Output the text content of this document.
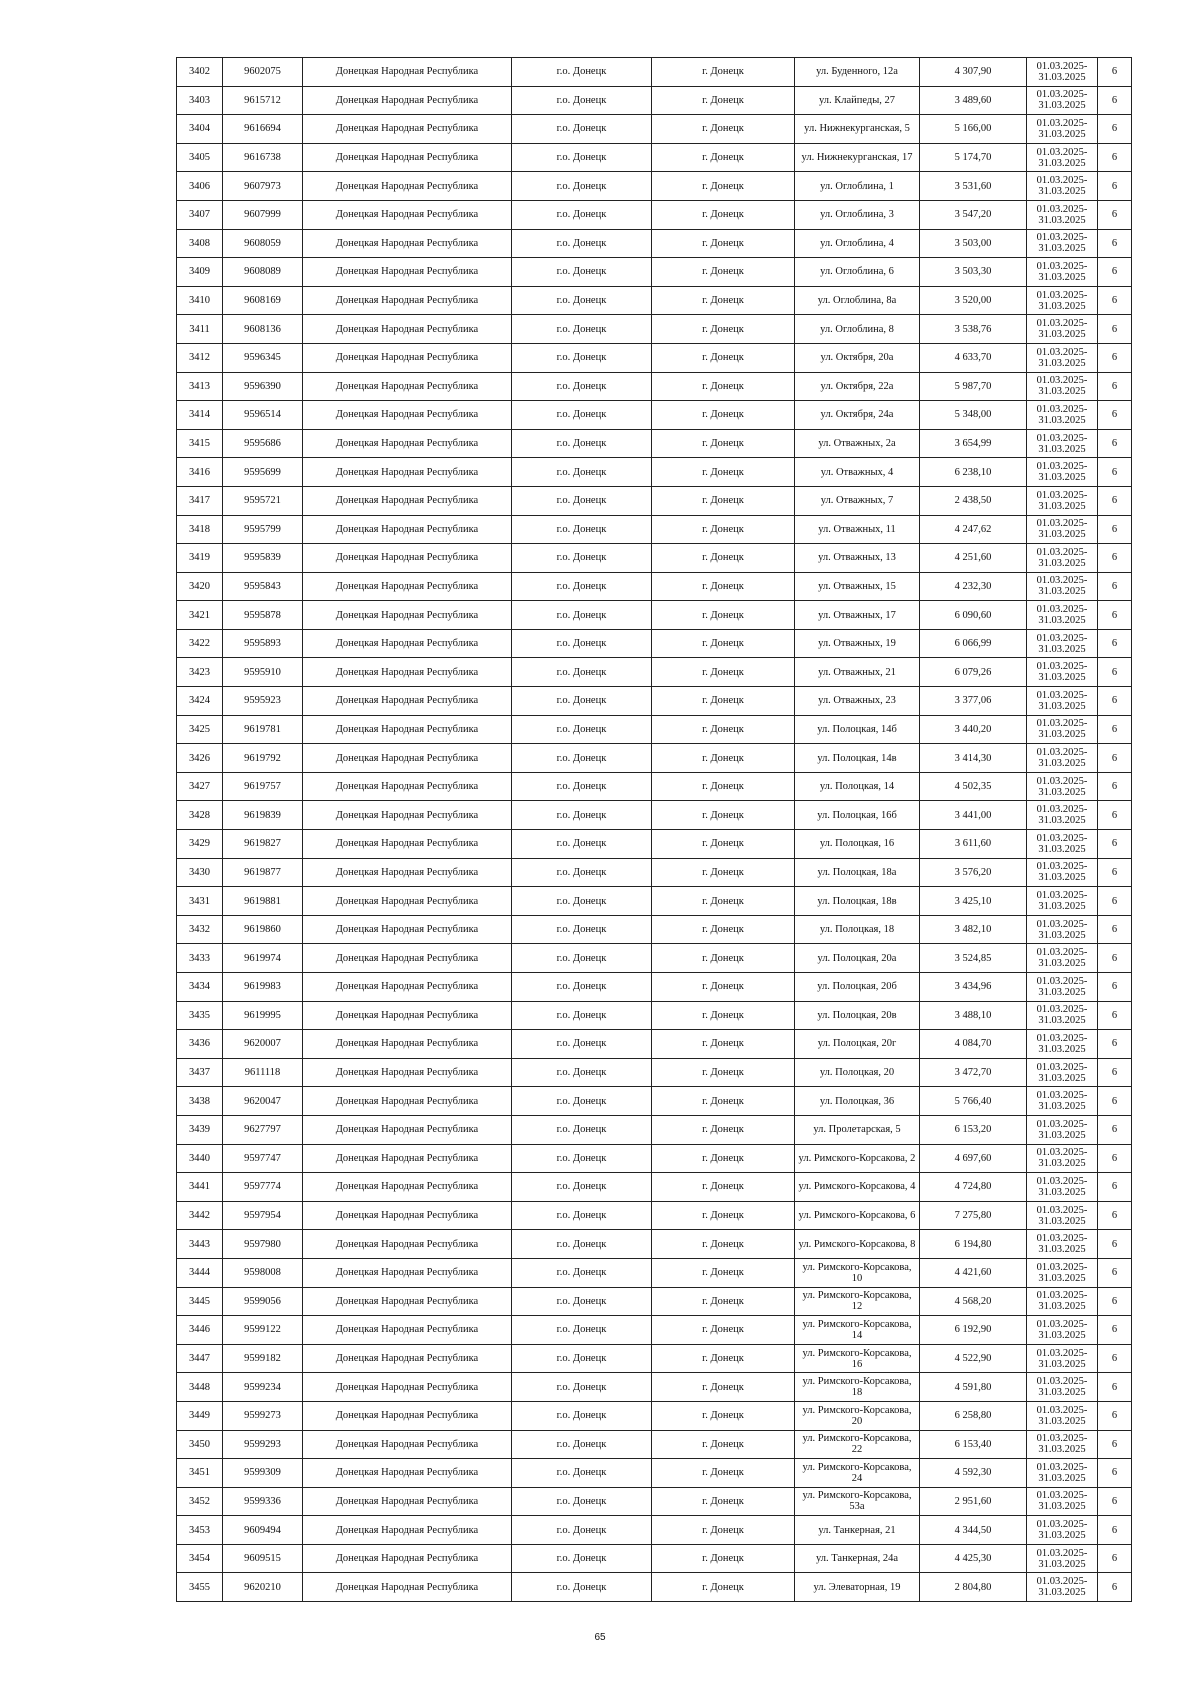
3402	9602075	Донецкая Народная Республика	г.о. Донецк	г. Донецк	ул. Буденного, 12а	4 307,90	01.03.2025-31.03.2025	6
3403	9615712	Донецкая Народная Республика	г.о. Донецк	г. Донецк	ул. Клайпеды, 27	3 489,60	01.03.2025-31.03.2025	6
3404	9616694	Донецкая Народная Республика	г.о. Донецк	г. Донецк	ул. Нижнекурганская, 5	5 166,00	01.03.2025-31.03.2025	6
3405	9616738	Донецкая Народная Республика	г.о. Донецк	г. Донецк	ул. Нижнекурганская, 17	5 174,70	01.03.2025-31.03.2025	6
3406	9607973	Донецкая Народная Республика	г.о. Донецк	г. Донецк	ул. Оглоблина, 1	3 531,60	01.03.2025-31.03.2025	6
3407	9607999	Донецкая Народная Республика	г.о. Донецк	г. Донецк	ул. Оглоблина, 3	3 547,20	01.03.2025-31.03.2025	6
3408	9608059	Донецкая Народная Республика	г.о. Донецк	г. Донецк	ул. Оглоблина, 4	3 503,00	01.03.2025-31.03.2025	6
3409	9608089	Донецкая Народная Республика	г.о. Донецк	г. Донецк	ул. Оглоблина, 6	3 503,30	01.03.2025-31.03.2025	6
3410	9608169	Донецкая Народная Республика	г.о. Донецк	г. Донецк	ул. Оглоблина, 8а	3 520,00	01.03.2025-31.03.2025	6
3411	9608136	Донецкая Народная Республика	г.о. Донецк	г. Донецк	ул. Оглоблина, 8	3 538,76	01.03.2025-31.03.2025	6
3412	9596345	Донецкая Народная Республика	г.о. Донецк	г. Донецк	ул. Октября, 20а	4 633,70	01.03.2025-31.03.2025	6
3413	9596390	Донецкая Народная Республика	г.о. Донецк	г. Донецк	ул. Октября, 22а	5 987,70	01.03.2025-31.03.2025	6
3414	9596514	Донецкая Народная Республика	г.о. Донецк	г. Донецк	ул. Октября, 24а	5 348,00	01.03.2025-31.03.2025	6
3415	9595686	Донецкая Народная Республика	г.о. Донецк	г. Донецк	ул. Отважных, 2а	3 654,99	01.03.2025-31.03.2025	6
3416	9595699	Донецкая Народная Республика	г.о. Донецк	г. Донецк	ул. Отважных, 4	6 238,10	01.03.2025-31.03.2025	6
3417	9595721	Донецкая Народная Республика	г.о. Донецк	г. Донецк	ул. Отважных, 7	2 438,50	01.03.2025-31.03.2025	6
3418	9595799	Донецкая Народная Республика	г.о. Донецк	г. Донецк	ул. Отважных, 11	4 247,62	01.03.2025-31.03.2025	6
3419	9595839	Донецкая Народная Республика	г.о. Донецк	г. Донецк	ул. Отважных, 13	4 251,60	01.03.2025-31.03.2025	6
3420	9595843	Донецкая Народная Республика	г.о. Донецк	г. Донецк	ул. Отважных, 15	4 232,30	01.03.2025-31.03.2025	6
3421	9595878	Донецкая Народная Республика	г.о. Донецк	г. Донецк	ул. Отважных, 17	6 090,60	01.03.2025-31.03.2025	6
3422	9595893	Донецкая Народная Республика	г.о. Донецк	г. Донецк	ул. Отважных, 19	6 066,99	01.03.2025-31.03.2025	6
3423	9595910	Донецкая Народная Республика	г.о. Донецк	г. Донецк	ул. Отважных, 21	6 079,26	01.03.2025-31.03.2025	6
3424	9595923	Донецкая Народная Республика	г.о. Донецк	г. Донецк	ул. Отважных, 23	3 377,06	01.03.2025-31.03.2025	6
3425	9619781	Донецкая Народная Республика	г.о. Донецк	г. Донецк	ул. Полоцкая, 14б	3 440,20	01.03.2025-31.03.2025	6
3426	9619792	Донецкая Народная Республика	г.о. Донецк	г. Донецк	ул. Полоцкая, 14в	3 414,30	01.03.2025-31.03.2025	6
3427	9619757	Донецкая Народная Республика	г.о. Донецк	г. Донецк	ул. Полоцкая, 14	4 502,35	01.03.2025-31.03.2025	6
3428	9619839	Донецкая Народная Республика	г.о. Донецк	г. Донецк	ул. Полоцкая, 16б	3 441,00	01.03.2025-31.03.2025	6
3429	9619827	Донецкая Народная Республика	г.о. Донецк	г. Донецк	ул. Полоцкая, 16	3 611,60	01.03.2025-31.03.2025	6
3430	9619877	Донецкая Народная Республика	г.о. Донецк	г. Донецк	ул. Полоцкая, 18а	3 576,20	01.03.2025-31.03.2025	6
3431	9619881	Донецкая Народная Республика	г.о. Донецк	г. Донецк	ул. Полоцкая, 18в	3 425,10	01.03.2025-31.03.2025	6
3432	9619860	Донецкая Народная Республика	г.о. Донецк	г. Донецк	ул. Полоцкая, 18	3 482,10	01.03.2025-31.03.2025	6
3433	9619974	Донецкая Народная Республика	г.о. Донецк	г. Донецк	ул. Полоцкая, 20а	3 524,85	01.03.2025-31.03.2025	6
3434	9619983	Донецкая Народная Республика	г.о. Донецк	г. Донецк	ул. Полоцкая, 20б	3 434,96	01.03.2025-31.03.2025	6
3435	9619995	Донецкая Народная Республика	г.о. Донецк	г. Донецк	ул. Полоцкая, 20в	3 488,10	01.03.2025-31.03.2025	6
3436	9620007	Донецкая Народная Республика	г.о. Донецк	г. Донецк	ул. Полоцкая, 20г	4 084,70	01.03.2025-31.03.2025	6
3437	9611118	Донецкая Народная Республика	г.о. Донецк	г. Донецк	ул. Полоцкая, 20	3 472,70	01.03.2025-31.03.2025	6
3438	9620047	Донецкая Народная Республика	г.о. Донецк	г. Донецк	ул. Полоцкая, 36	5 766,40	01.03.2025-31.03.2025	6
3439	9627797	Донецкая Народная Республика	г.о. Донецк	г. Донецк	ул. Пролетарская, 5	6 153,20	01.03.2025-31.03.2025	6
3440	9597747	Донецкая Народная Республика	г.о. Донецк	г. Донецк	ул. Римского-Корсакова, 2	4 697,60	01.03.2025-31.03.2025	6
3441	9597774	Донецкая Народная Республика	г.о. Донецк	г. Донецк	ул. Римского-Корсакова, 4	4 724,80	01.03.2025-31.03.2025	6
3442	9597954	Донецкая Народная Республика	г.о. Донецк	г. Донецк	ул. Римского-Корсакова, 6	7 275,80	01.03.2025-31.03.2025	6
3443	9597980	Донецкая Народная Республика	г.о. Донецк	г. Донецк	ул. Римского-Корсакова, 8	6 194,80	01.03.2025-31.03.2025	6
3444	9598008	Донецкая Народная Республика	г.о. Донецк	г. Донецк	ул. Римского-Корсакова, 10	4 421,60	01.03.2025-31.03.2025	6
3445	9599056	Донецкая Народная Республика	г.о. Донецк	г. Донецк	ул. Римского-Корсакова, 12	4 568,20	01.03.2025-31.03.2025	6
3446	9599122	Донецкая Народная Республика	г.о. Донецк	г. Донецк	ул. Римского-Корсакова, 14	6 192,90	01.03.2025-31.03.2025	6
3447	9599182	Донецкая Народная Республика	г.о. Донецк	г. Донецк	ул. Римского-Корсакова, 16	4 522,90	01.03.2025-31.03.2025	6
3448	9599234	Донецкая Народная Республика	г.о. Донецк	г. Донецк	ул. Римского-Корсакова, 18	4 591,80	01.03.2025-31.03.2025	6
3449	9599273	Донецкая Народная Республика	г.о. Донецк	г. Донецк	ул. Римского-Корсакова, 20	6 258,80	01.03.2025-31.03.2025	6
3450	9599293	Донецкая Народная Республика	г.о. Донецк	г. Донецк	ул. Римского-Корсакова, 22	6 153,40	01.03.2025-31.03.2025	6
3451	9599309	Донецкая Народная Республика	г.о. Донецк	г. Донецк	ул. Римского-Корсакова, 24	4 592,30	01.03.2025-31.03.2025	6
3452	9599336	Донецкая Народная Республика	г.о. Донецк	г. Донецк	ул. Римского-Корсакова, 53а	2 951,60	01.03.2025-31.03.2025	6
3453	9609494	Донецкая Народная Республика	г.о. Донецк	г. Донецк	ул. Танкерная, 21	4 344,50	01.03.2025-31.03.2025	6
3454	9609515	Донецкая Народная Республика	г.о. Донецк	г. Донецк	ул. Танкерная, 24а	4 425,30	01.03.2025-31.03.2025	6
3455	9620210	Донецкая Народная Республика	г.о. Донецк	г. Донецк	ул. Элеваторная, 19	2 804,80	01.03.2025-31.03.2025	6
65
